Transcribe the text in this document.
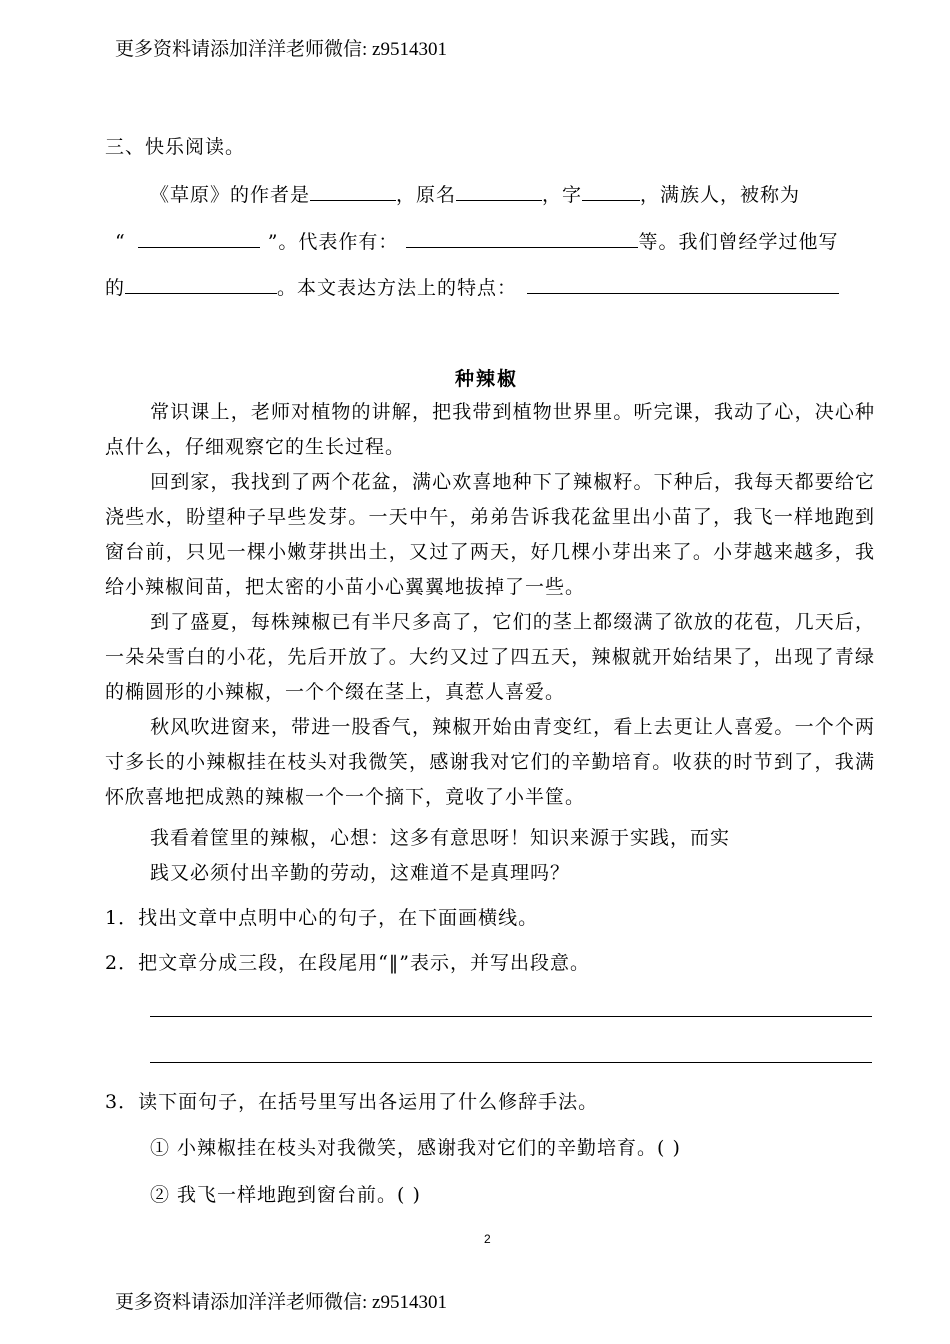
更多资料请添加洋洋老师微信: z9514301
三、快乐阅读。
《草原》的作者是	，原名	，字	，满族人，被称为
“	”。代表作有：	等。我们曾经学过他写
的	。本文表达方法上的特点：
种辣椒
常识课上，老师对植物的讲解，把我带到植物世界里。听完课，我动了心，决心种点什么，仔细观察它的生长过程。
回到家，我找到了两个花盆，满心欢喜地种下了辣椒籽。下种后，我每天都要给它浇些水，盼望种子早些发芽。一天中午，弟弟告诉我花盆里出小苗了，我飞一样地跑到窗台前，只见一棵小嫩芽拱出土，又过了两天，好几棵小芽出来了。小芽越来越多，我给小辣椒间苗，把太密的小苗小心翼翼地拔掉了一些。
到了盛夏，每株辣椒已有半尺多高了，它们的茎上都缀满了欲放的花苞，几天后，一朵朵雪白的小花，先后开放了。大约又过了四五天，辣椒就开始结果了，出现了青绿的椭圆形的小辣椒，一个个缀在茎上，真惹人喜爱。
秋风吹进窗来，带进一股香气，辣椒开始由青变红，看上去更让人喜爱。一个个两寸多长的小辣椒挂在枝头对我微笑，感谢我对它们的辛勤培育。收获的时节到了，我满怀欣喜地把成熟的辣椒一个一个摘下，竟收了小半筐。
我看着筐里的辣椒，心想：这多有意思呀！知识来源于实践，而实
践又必须付出辛勤的劳动，这难道不是真理吗？
1．找出文章中点明中心的句子，在下面画横线。
2．把文章分成三段，在段尾用“‖”表示，并写出段意。
3．读下面句子，在括号里写出各运用了什么修辞手法。
① 小辣椒挂在枝头对我微笑，感谢我对它们的辛勤培育。( )
② 我飞一样地跑到窗台前。( )
2
更多资料请添加洋洋老师微信: z9514301
